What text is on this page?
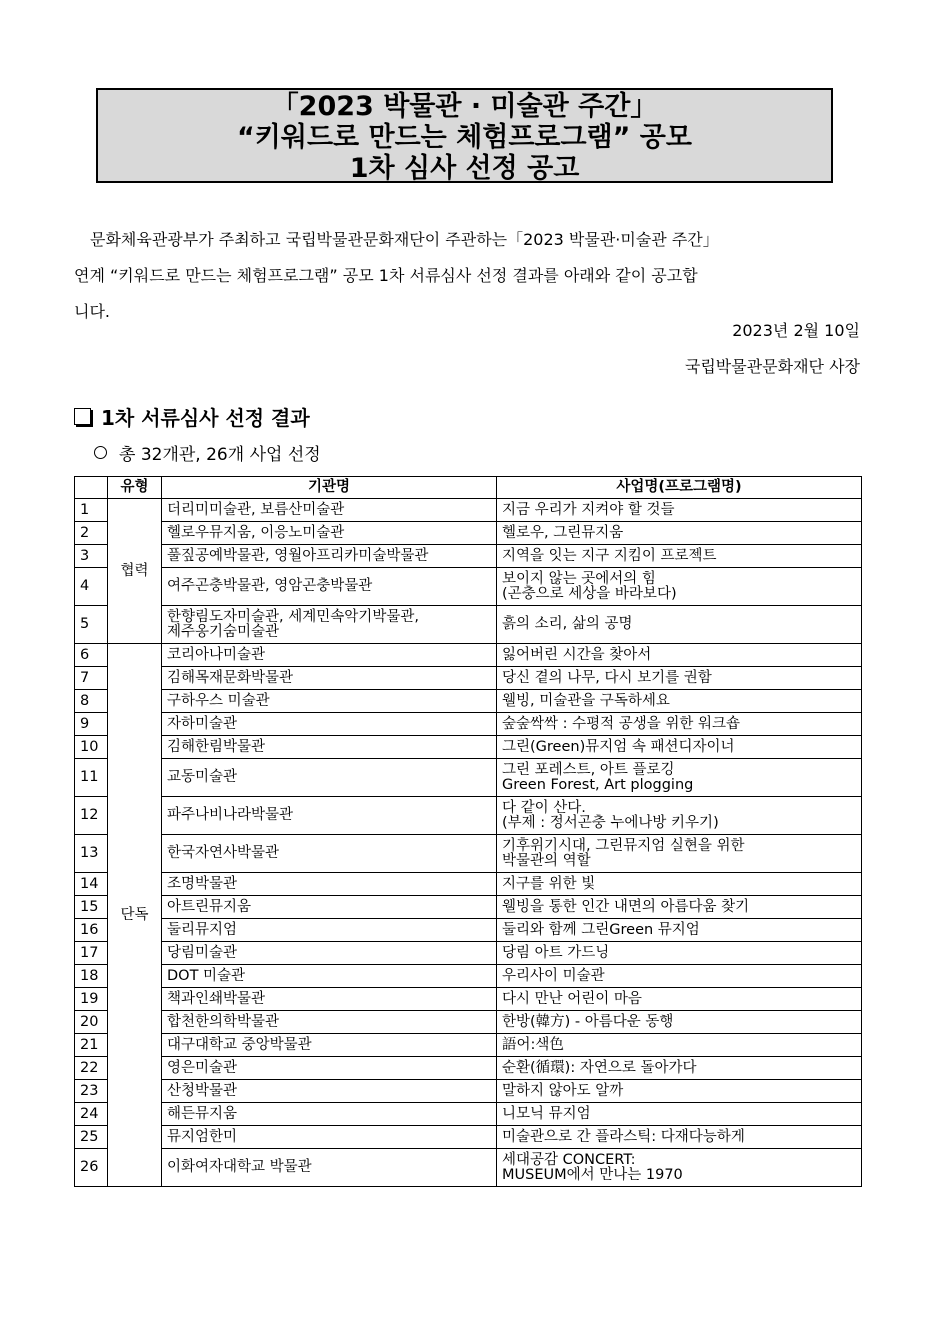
「2023 박물관 · 미술관 주간」
“키워드로 만드는 체험프로그램” 공모
1차 심사 선정 공고
문화체육관광부가 주최하고 국립박물관문화재단이 주관하는「2023 박물관·미술관 주간」
연계 “키워드로 만드는 체험프로그램” 공모 1차 서류심사 선정 결과를 아래와 같이 공고합
니다.
2023년 2월 10일
국립박물관문화재단 사장
1차 서류심사 선정 결과
총 32개관, 26개 사업 선정
	유형	기관명	사업명(프로그램명)
1	협력	더리미미술관, 보름산미술관	지금 우리가 지켜야 할 것들
2		헬로우뮤지움, 이응노미술관	헬로우, 그린뮤지움
3		풀짚공예박물관, 영월아프리카미술박물관	지역을 잇는 지구 지킴이 프로젝트
4		여주곤충박물관, 영암곤충박물관	보이지 않는 곳에서의 힘
(곤충으로 세상을 바라보다)
5		한향림도자미술관, 세계민속악기박물관,
제주옹기숨미술관	흙의 소리, 삶의 공명
6	단독	코리아나미술관	잃어버린 시간을 찾아서
7		김해목재문화박물관	당신 곁의 나무, 다시 보기를 권함
8		구하우스 미술관	웰빙, 미술관을 구독하세요
9		자하미술관	숲숲싹싹 : 수평적 공생을 위한 워크숍
10		김해한림박물관	그린(Green)뮤지엄 속 패션디자이너
11		교동미술관	그린 포레스트, 아트 플로깅
Green Forest, Art plogging
12		파주나비나라박물관	다 같이 산다.
(부제 : 정서곤충 누에나방 키우기)
13		한국자연사박물관	기후위기시대, 그린뮤지엄 실현을 위한
박물관의 역할
14		조명박물관	지구를 위한 빛
15		아트린뮤지움	웰빙을 통한 인간 내면의 아름다움 찾기
16		둘리뮤지엄	둘리와 함께 그린Green 뮤지엄
17		당림미술관	당림 아트 가드닝
18		DOT 미술관	우리사이 미술관
19		책과인쇄박물관	다시 만난 어린이 마음
20		합천한의학박물관	한방(韓方) - 아름다운 동행
21		대구대학교 중앙박물관	語어:색色
22		영은미술관	순환(循環): 자연으로 돌아가다
23		산청박물관	말하지 않아도 알까
24		해든뮤지움	니모닉 뮤지엄
25		뮤지엄한미	미술관으로 간 플라스틱: 다재다능하게
26		이화여자대학교 박물관	세대공감 CONCERT:
MUSEUM에서 만나는 1970
